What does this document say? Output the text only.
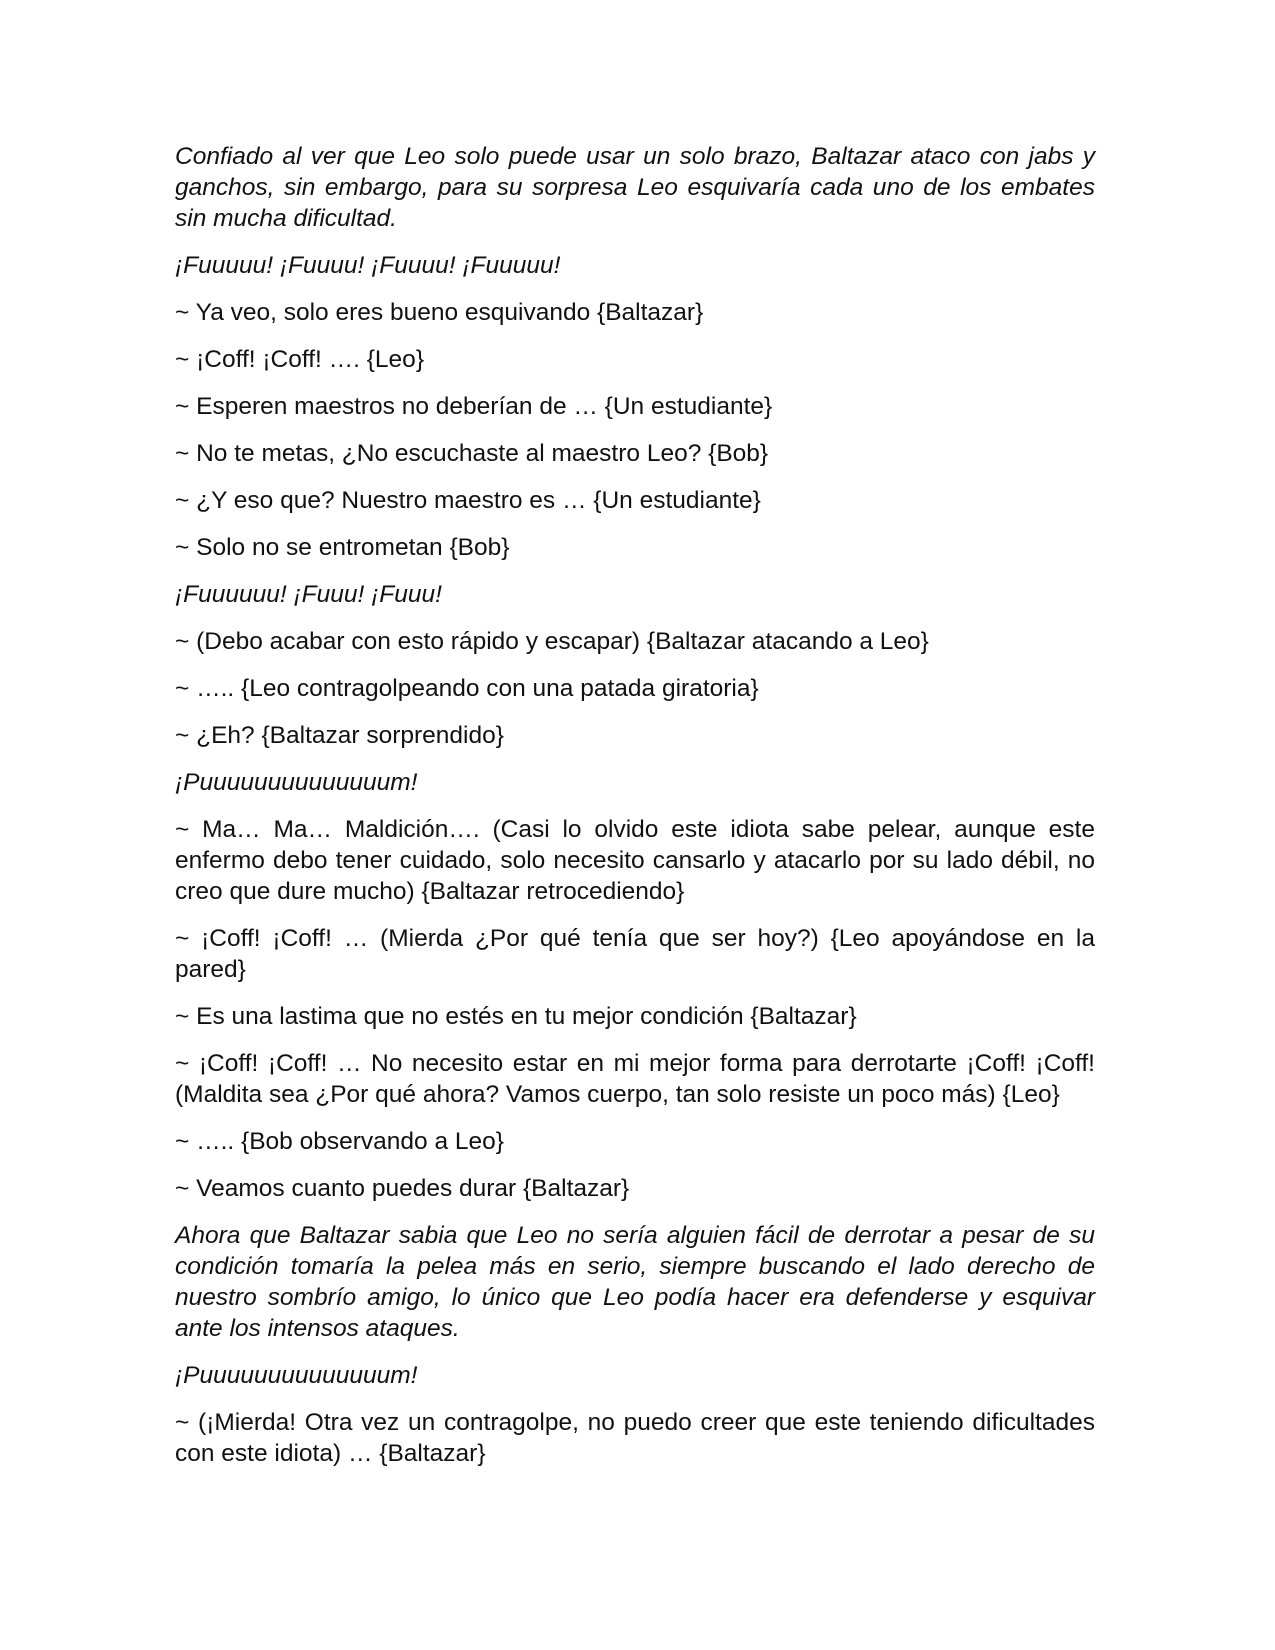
Confiado al ver que Leo solo puede usar un solo brazo, Baltazar ataco con jabs y ganchos, sin embargo, para su sorpresa Leo esquivaría cada uno de los embates sin mucha dificultad.

¡Fuuuuu! ¡Fuuuu! ¡Fuuuu! ¡Fuuuuu!

~ Ya veo, solo eres bueno esquivando {Baltazar}

~ ¡Coff! ¡Coff! …. {Leo}

~ Esperen maestros no deberían de … {Un estudiante}

~ No te metas, ¿No escuchaste al maestro Leo? {Bob}

~ ¿Y eso que? Nuestro maestro es … {Un estudiante}

~ Solo no se entrometan {Bob}

¡Fuuuuuu! ¡Fuuu! ¡Fuuu!

~ (Debo acabar con esto rápido y escapar) {Baltazar atacando a Leo}

~ ….. {Leo contragolpeando con una patada giratoria}

~ ¿Eh? {Baltazar sorprendido}

¡Puuuuuuuuuuuuuum!

~ Ma… Ma… Maldición…. (Casi lo olvido este idiota sabe pelear, aunque este enfermo debo tener cuidado, solo necesito cansarlo y atacarlo por su lado débil, no creo que dure mucho) {Baltazar retrocediendo}

~ ¡Coff! ¡Coff! … (Mierda ¿Por qué tenía que ser hoy?) {Leo apoyándose en la pared}

~ Es una lastima que no estés en tu mejor condición {Baltazar}

~ ¡Coff! ¡Coff! … No necesito estar en mi mejor forma para derrotarte ¡Coff! ¡Coff! (Maldita sea ¿Por qué ahora? Vamos cuerpo, tan solo resiste un poco más) {Leo}

~ ….. {Bob observando a Leo}

~ Veamos cuanto puedes durar {Baltazar}

Ahora que Baltazar sabia que Leo no sería alguien fácil de derrotar a pesar de su condición tomaría la pelea más en serio, siempre buscando el lado derecho de nuestro sombrío amigo, lo único que Leo podía hacer era defenderse y esquivar ante los intensos ataques.

¡Puuuuuuuuuuuuuum!

~ (¡Mierda! Otra vez un contragolpe, no puedo creer que este teniendo dificultades con este idiota) … {Baltazar}
